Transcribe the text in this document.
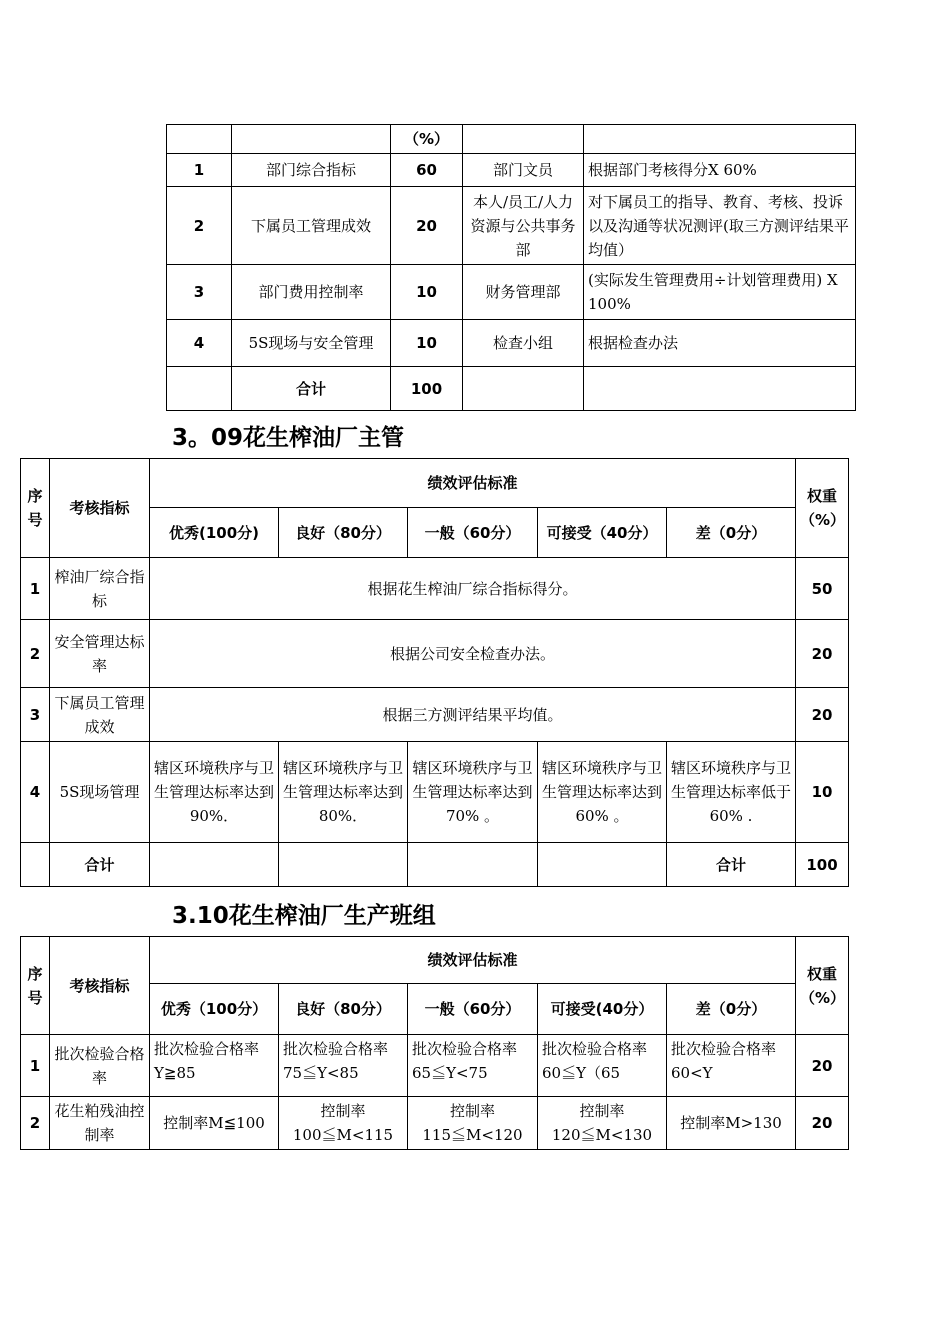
		（%）		
1	部门综合指标	60	部门文员	根据部门考核得分X 60%
2	下属员工管理成效	20	本人/员工/人力资源与公共事务部	对下属员工的指导、教育、考核、投诉以及沟通等状况测评(取三方测评结果平均值）
3	部门费用控制率	10	财务管理部	(实际发生管理费用÷计划管理费用) X 100%
4	5S现场与安全管理	10	检查小组	根据检查办法
	合计	100		
3。09花生榨油厂主管
序号	考核指标	绩效评估标准					权重（%）
		优秀(100分)	良好（80分）	一般（60分）	可接受（40分）	差（0分）	
1	榨油厂综合指标	根据花生榨油厂综合指标得分。					50
2	安全管理达标率	根据公司安全检查办法。					20
3	下属员工管理成效	根据三方测评结果平均值。					20
4	5S现场管理	辖区环境秩序与卫生管理达标率达到90%．	辖区环境秩序与卫生管理达标率达到80%．	辖区环境秩序与卫生管理达标率达到70% 。	辖区环境秩序与卫生管理达标率达到60% 。	辖区环境秩序与卫生管理达标率低于60% .	10
	合计					合计	100
3.10花生榨油厂生产班组
序号	考核指标	绩效评估标准					权重（%）
		优秀（100分）	良好（80分）	一般（60分）	可接受(40分）	差（0分）	
1	批次检验合格率	批次检验合格率Y≧85	批次检验合格率75≦Y<85	批次检验合格率65≦Y<75	批次检验合格率60≦Y（65	批次检验合格率60<Y	20
2	花生粕残油控制率	控制率M≦100	控制率100≦M<115	控制率115≦M<120	控制率120≦M<130	控制率M>130	20
